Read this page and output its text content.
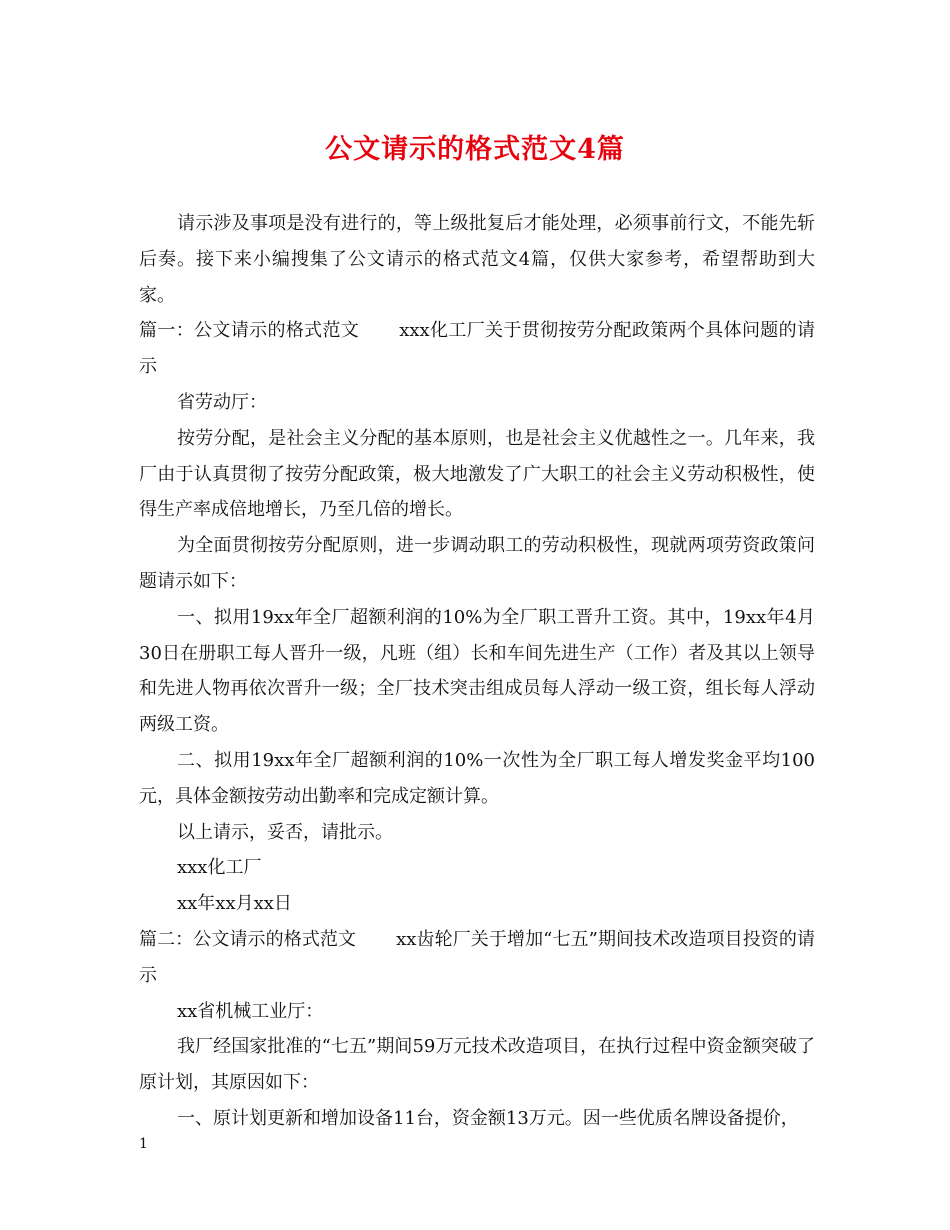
公文请示的格式范文4篇

请示涉及事项是没有进行的，等上级批复后才能处理，必须事前行文，不能先斩后奏。接下来小编搜集了公文请示的格式范文4篇，仅供大家参考，希望帮助到大家。

篇一：公文请示的格式范文 xxx化工厂关于贯彻按劳分配政策两个具体问题的请示

省劳动厅：

按劳分配，是社会主义分配的基本原则，也是社会主义优越性之一。几年来，我厂由于认真贯彻了按劳分配政策，极大地激发了广大职工的社会主义劳动积极性，使得生产率成倍地增长，乃至几倍的增长。

为全面贯彻按劳分配原则，进一步调动职工的劳动积极性，现就两项劳资政策问题请示如下：

一、拟用19xx年全厂超额利润的10%为全厂职工晋升工资。其中，19xx年4月30日在册职工每人晋升一级，凡班（组）长和车间先进生产（工作）者及其以上领导和先进人物再依次晋升一级；全厂技术突击组成员每人浮动一级工资，组长每人浮动两级工资。

二、拟用19xx年全厂超额利润的10%一次性为全厂职工每人增发奖金平均100元，具体金额按劳动出勤率和完成定额计算。

以上请示，妥否，请批示。

xxx化工厂

xx年xx月xx日

篇二：公文请示的格式范文 xx齿轮厂关于增加“七五”期间技术改造项目投资的请示

xx省机械工业厅：

我厂经国家批准的“七五”期间59万元技术改造项目，在执行过程中资金额突破了原计划，其原因如下：

一、原计划更新和增加设备11台，资金额13万元。因一些优质名牌设备提价，

1
